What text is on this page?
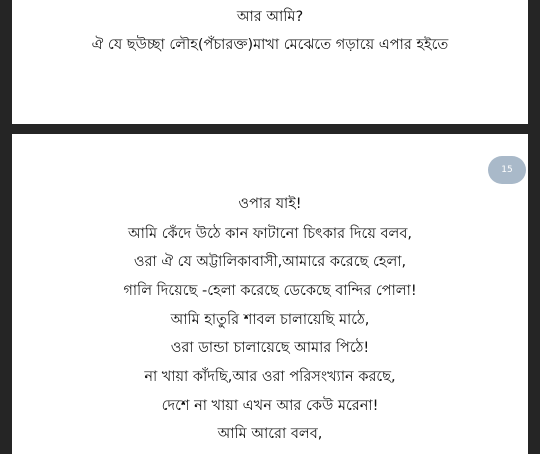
আর আমি?
ঐ যে ছউচ্ছা লৌহ(পঁচারক্ত)মাখা মেঝেতে গড়ায়ে এপার হইতে
15
ওপার যাই!
আমি কেঁদে উঠে কান ফাটানো চিৎকার দিয়ে বলব,
ওরা ঐ যে অট্টালিকাবাসী,আমারে করেছে হেলা,
গালি দিয়েছে -হেলা করেছে ডেকেছে বান্দির পোলা!
আমি হাতুরি শাবল চালায়েছি মাঠে,
ওরা ডান্ডা চালায়েছে আমার পিঠে!
না খায়া কাঁদছি,আর ওরা পরিসংখ্যান করছে,
দেশে না খায়া এখন আর কেউ মরেনা!
আমি আরো বলব,
